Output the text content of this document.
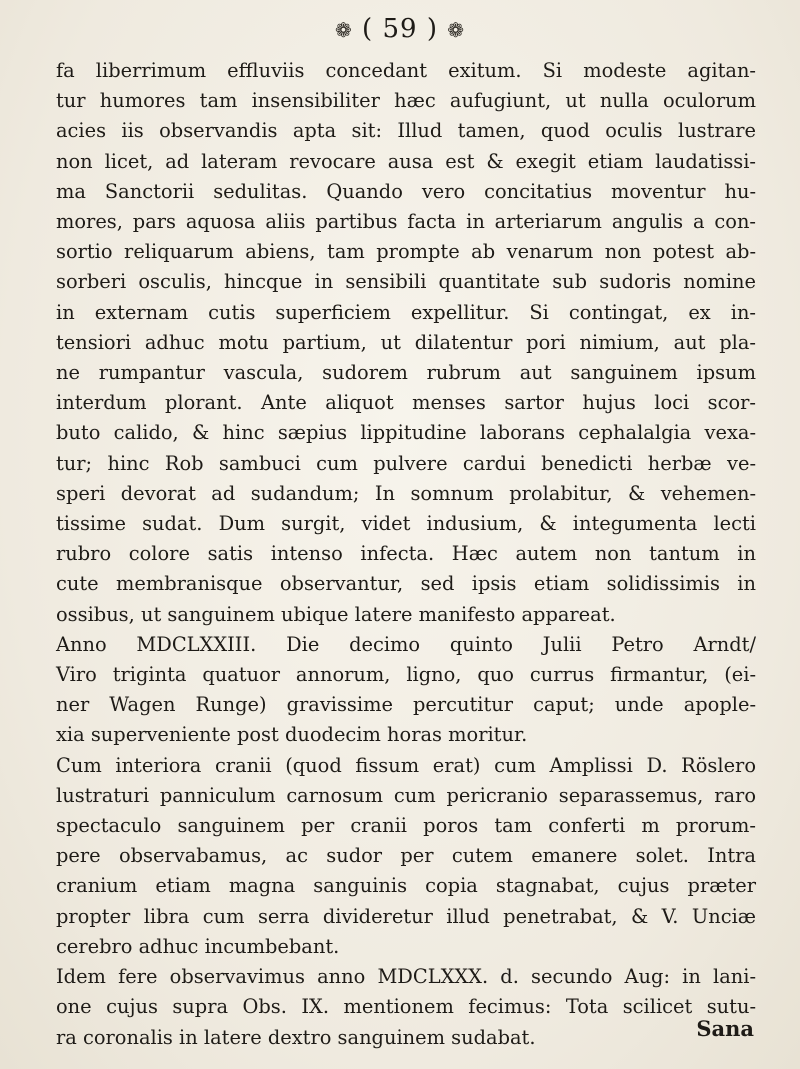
❁ ( 59 ) ❁
fa liberrimum effluviis concedant exitum. Si modeste agitan-
tur humores tam insensibiliter hæc aufugiunt, ut nulla oculorum
acies iis observandis apta sit: Illud tamen, quod oculis lustrare
non licet, ad lateram revocare ausa est & exegit etiam laudatissi-
ma Sanctorii sedulitas. Quando vero concitatius moventur hu-
mores, pars aquosa aliis partibus facta in arteriarum angulis a con-
sortio reliquarum abiens, tam prompte ab venarum non potest ab-
sorberi osculis, hincque in sensibili quantitate sub sudoris nomine
in externam cutis superficiem expellitur. Si contingat, ex in-
tensiori adhuc motu partium, ut dilatentur pori nimium, aut pla-
ne rumpantur vascula, sudorem rubrum aut sanguinem ipsum
interdum plorant. Ante aliquot menses sartor hujus loci scor-
buto calido, & hinc sæpius lippitudine laborans cephalalgia vexa-
tur; hinc Rob sambuci cum pulvere cardui benedicti herbæ ve-
speri devorat ad sudandum; In somnum prolabitur, & vehemen-
tissime sudat. Dum surgit, videt indusium, & integumenta lecti
rubro colore satis intenso infecta. Hæc autem non tantum in
cute membranisque observantur, sed ipsis etiam solidissimis in
ossibus, ut sanguinem ubique latere manifesto appareat.
Anno MDCLXXIII. Die decimo quinto Julii Petro Arndt/
Viro triginta quatuor annorum, ligno, quo currus firmantur, (ei-
ner Wagen Runge) gravissime percutitur caput; unde apople-
xia superveniente post duodecim horas moritur.
Cum interiora cranii (quod fissum erat) cum Amplissi D. Röslero
lustraturi panniculum carnosum cum pericranio separassemus, raro
spectaculo sanguinem per cranii poros tam conferti m prorum-
pere observabamus, ac sudor per cutem emanere solet. Intra
cranium etiam magna sanguinis copia stagnabat, cujus præter
propter libra cum serra divideretur illud penetrabat, & V. Unciæ
cerebro adhuc incumbebant.
Idem fere observavimus anno MDCLXXX. d. secundo Aug: in lani-
one cujus supra Obs. IX. mentionem fecimus: Tota scilicet sutu-
ra coronalis in latere dextro sanguinem sudabat.	Sana
